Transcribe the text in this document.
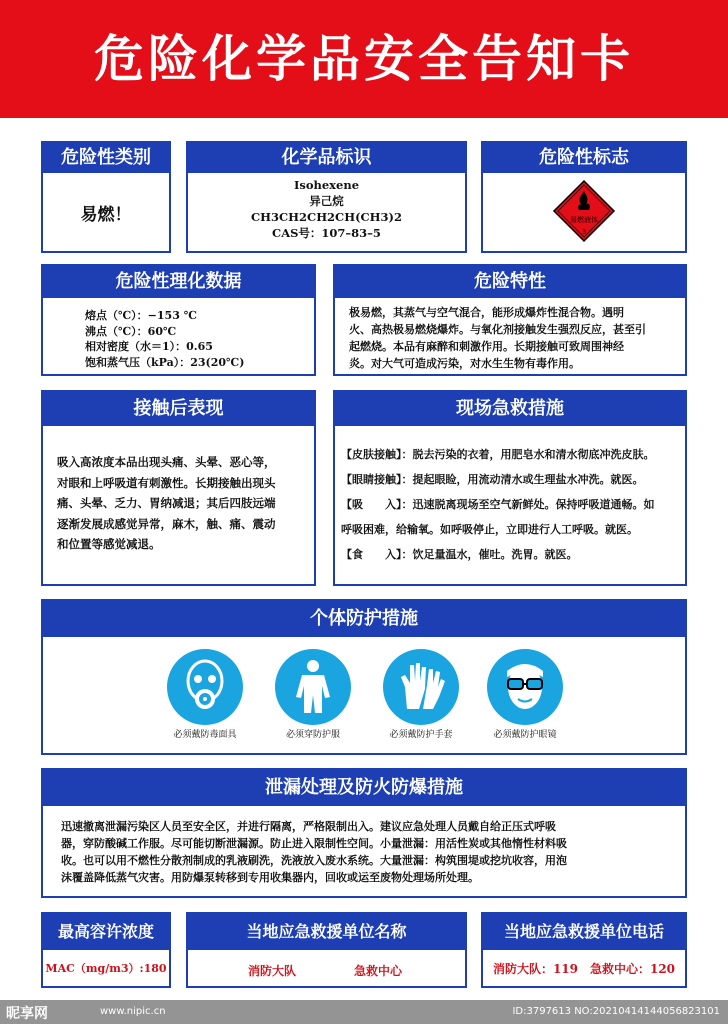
危险化学品安全告知卡
危险性类别
易燃！
化学品标识
Isohexene
异己烷
CH3CH2CH2CH(CH3)2
CAS号：107–83–5
危险性标志
易燃液体
3
危险性理化数据
熔点（℃）：−153 ℃
沸点（℃）：60℃
相对密度（水＝1）：0.65
饱和蒸气压（kPa）：23(20℃)
危险特性
极易燃，其蒸气与空气混合，能形成爆炸性混合物。遇明
火、高热极易燃烧爆炸。与氧化剂接触发生强烈反应，甚至引
起燃烧。本品有麻醉和刺激作用。长期接触可致周围神经
炎。对大气可造成污染，对水生生物有毒作用。
接触后表现
吸入高浓度本品出现头痛、头晕、恶心等，
对眼和上呼吸道有刺激性。长期接触出现头
痛、头晕、乏力、胃纳减退；其后四肢远端
逐渐发展成感觉异常，麻木，触、痛、震动
和位置等感觉减退。
现场急救措施
【皮肤接触】：脱去污染的衣着，用肥皂水和清水彻底冲洗皮肤。
【眼睛接触】：提起眼睑，用流动清水或生理盐水冲洗。就医。
【吸　　入】：迅速脱离现场至空气新鲜处。保持呼吸道通畅。如
呼吸困难，给输氧。如呼吸停止，立即进行人工呼吸。就医。
【食　　入】：饮足量温水，催吐。洗胃。就医。
个体防护措施
必须戴防毒面具	必须穿防护服	必须戴防护手套	必须戴防护眼镜
泄漏处理及防火防爆措施
迅速撤离泄漏污染区人员至安全区，并进行隔离，严格限制出入。建议应急处理人员戴自给正压式呼吸
器，穿防酸碱工作服。尽可能切断泄漏源。防止进入限制性空间。小量泄漏：用活性炭或其他惰性材料吸
收。也可以用不燃性分散剂制成的乳液刷洗，洗液放入废水系统。大量泄漏：构筑围堤或挖坑收容，用泡
沫覆盖降低蒸气灾害。用防爆泵转移到专用收集器内，回收或运至废物处理场所处理。
最高容许浓度
MAC（mg/m3）:180
当地应急救援单位名称
消防大队	急救中心
当地应急救援单位电话
消防大队：119　急救中心：120
昵享网	www.nipic.cn	ID:3797613 NO:20210414144056823101
